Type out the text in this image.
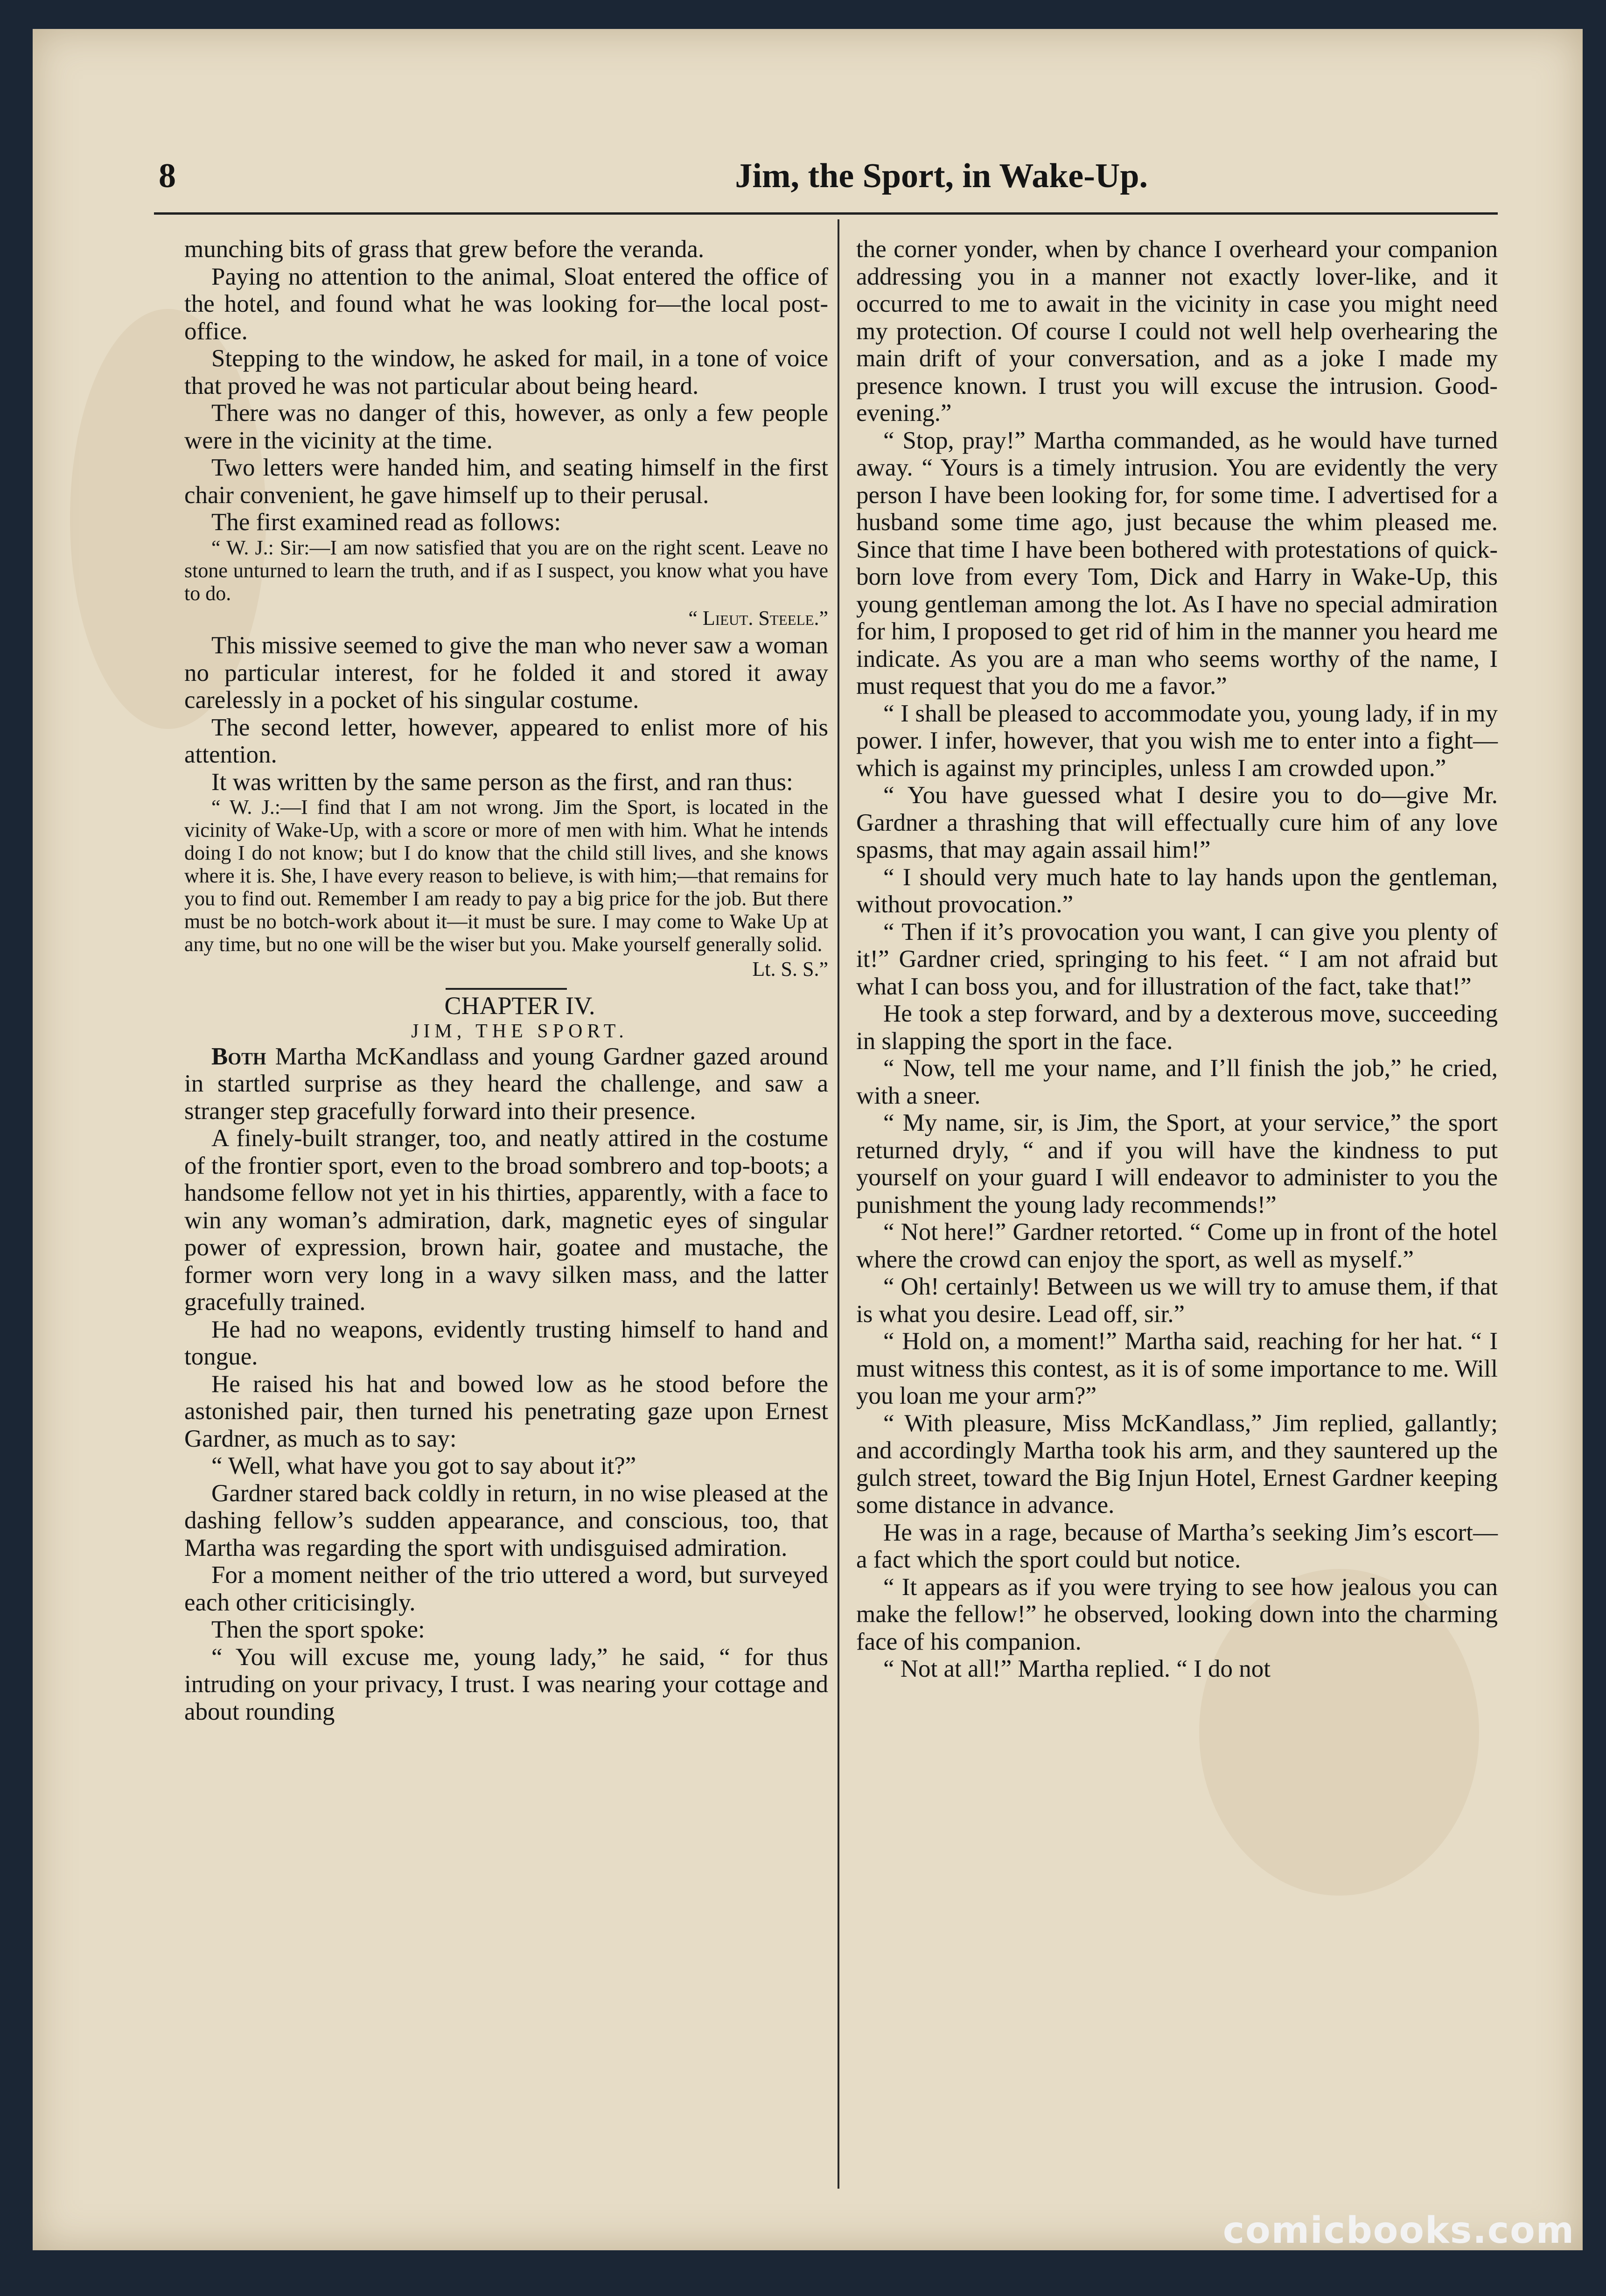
8	Jim, the Sport, in Wake-Up.

munching bits of grass that grew before the veranda.

Paying no attention to the animal, Sloat entered the office of the hotel, and found what he was looking for—the local post-office.

Stepping to the window, he asked for mail, in a tone of voice that proved he was not particular about being heard.

There was no danger of this, however, as only a few people were in the vicinity at the time.

Two letters were handed him, and seating himself in the first chair convenient, he gave himself up to their perusal.

The first examined read as follows:

“ W. J.: Sir:—I am now satisfied that you are on the right scent. Leave no stone unturned to learn the truth, and if as I suspect, you know what you have to do.

“ Lieut. Steele.”

This missive seemed to give the man who never saw a woman no particular interest, for he folded it and stored it away carelessly in a pocket of his singular costume.

The second letter, however, appeared to enlist more of his attention.

It was written by the same person as the first, and ran thus:

“ W. J.:—I find that I am not wrong. Jim the Sport, is located in the vicinity of Wake-Up, with a score or more of men with him. What he intends doing I do not know; but I do know that the child still lives, and she knows where it is. She, I have every reason to believe, is with him;—that remains for you to find out. Remember I am ready to pay a big price for the job. But there must be no botch-work about it—it must be sure. I may come to Wake Up at any time, but no one will be the wiser but you. Make yourself generally solid.

Lt. S. S.”

CHAPTER IV.

JIM, THE SPORT.

Both Martha McKandlass and young Gardner gazed around in startled surprise as they heard the challenge, and saw a stranger step gracefully forward into their presence.

A finely-built stranger, too, and neatly attired in the costume of the frontier sport, even to the broad sombrero and top-boots; a handsome fellow not yet in his thirties, apparently, with a face to win any woman’s admiration, dark, magnetic eyes of singular power of expression, brown hair, goatee and mustache, the former worn very long in a wavy silken mass, and the latter gracefully trained.

He had no weapons, evidently trusting himself to hand and tongue.

He raised his hat and bowed low as he stood before the astonished pair, then turned his penetrating gaze upon Ernest Gardner, as much as to say:

“ Well, what have you got to say about it?”

Gardner stared back coldly in return, in no wise pleased at the dashing fellow’s sudden appearance, and conscious, too, that Martha was regarding the sport with undisguised admiration.

For a moment neither of the trio uttered a word, but surveyed each other criticisingly.

Then the sport spoke:

“ You will excuse me, young lady,” he said, “ for thus intruding on your privacy, I trust. I was nearing your cottage and about rounding

the corner yonder, when by chance I overheard your companion addressing you in a manner not exactly lover-like, and it occurred to me to await in the vicinity in case you might need my protection. Of course I could not well help overhearing the main drift of your conversation, and as a joke I made my presence known. I trust you will excuse the intrusion. Good-evening.”

“ Stop, pray!” Martha commanded, as he would have turned away. “ Yours is a timely intrusion. You are evidently the very person I have been looking for, for some time. I advertised for a husband some time ago, just because the whim pleased me. Since that time I have been bothered with protestations of quick-born love from every Tom, Dick and Harry in Wake-Up, this young gentleman among the lot. As I have no special admiration for him, I proposed to get rid of him in the manner you heard me indicate. As you are a man who seems worthy of the name, I must request that you do me a favor.”

“ I shall be pleased to accommodate you, young lady, if in my power. I infer, however, that you wish me to enter into a fight—which is against my principles, unless I am crowded upon.”

“ You have guessed what I desire you to do—give Mr. Gardner a thrashing that will effectually cure him of any love spasms, that may again assail him!”

“ I should very much hate to lay hands upon the gentleman, without provocation.”

“ Then if it’s provocation you want, I can give you plenty of it!” Gardner cried, springing to his feet. “ I am not afraid but what I can boss you, and for illustration of the fact, take that!”

He took a step forward, and by a dexterous move, succeeding in slapping the sport in the face.

“ Now, tell me your name, and I’ll finish the job,” he cried, with a sneer.

“ My name, sir, is Jim, the Sport, at your service,” the sport returned dryly, “ and if you will have the kindness to put yourself on your guard I will endeavor to administer to you the punishment the young lady recommends!”

“ Not here!” Gardner retorted. “ Come up in front of the hotel where the crowd can enjoy the sport, as well as myself.”

“ Oh! certainly! Between us we will try to amuse them, if that is what you desire. Lead off, sir.”

“ Hold on, a moment!” Martha said, reaching for her hat. “ I must witness this contest, as it is of some importance to me. Will you loan me your arm?”

“ With pleasure, Miss McKandlass,” Jim replied, gallantly; and accordingly Martha took his arm, and they sauntered up the gulch street, toward the Big Injun Hotel, Ernest Gardner keeping some distance in advance.

He was in a rage, because of Martha’s seeking Jim’s escort—a fact which the sport could but notice.

“ It appears as if you were trying to see how jealous you can make the fellow!” he observed, looking down into the charming face of his companion.

“ Not at all!” Martha replied. “ I do not

comicbooks.com
